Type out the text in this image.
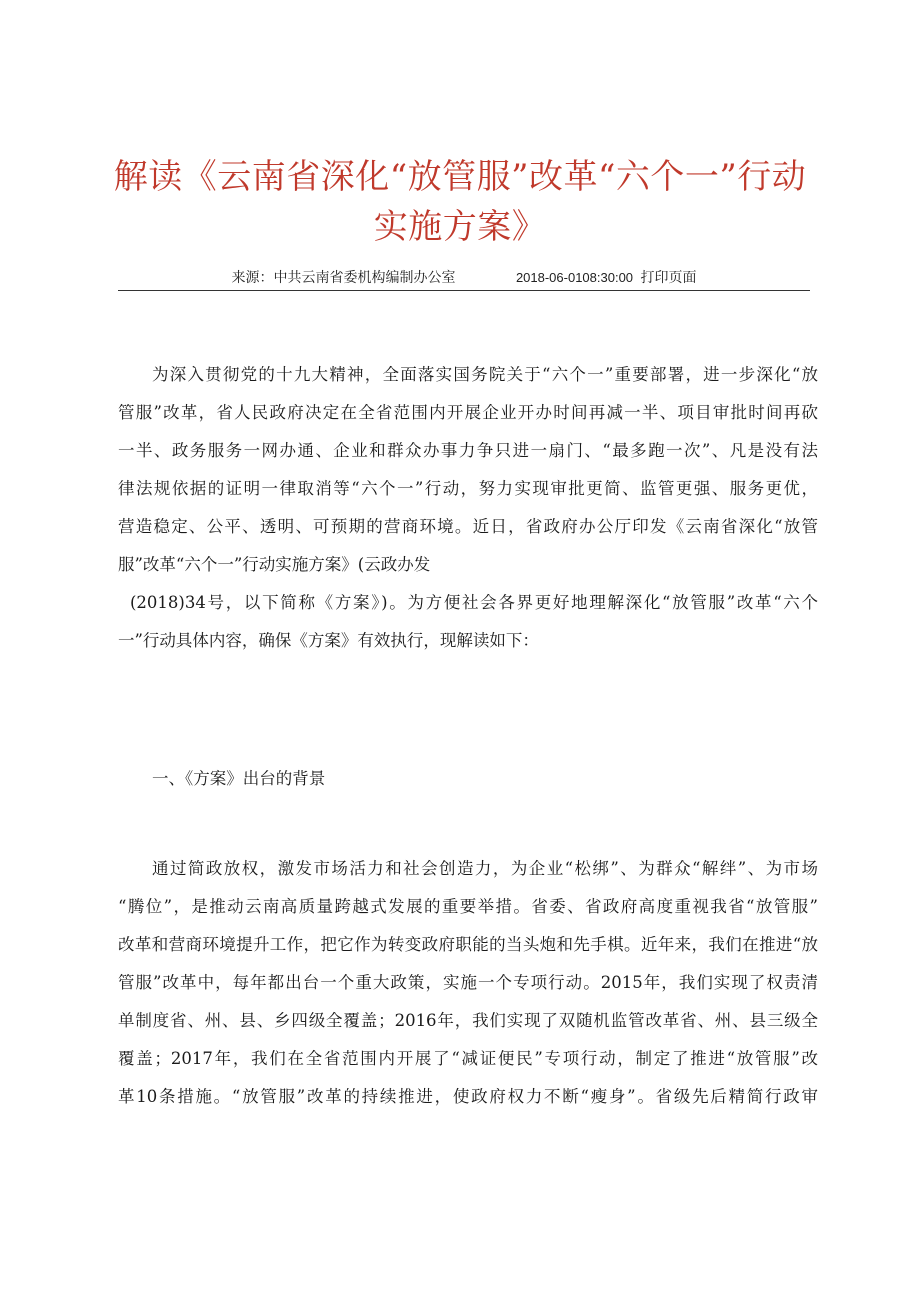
解读《云南省深化“放管服”改革“六个一”行动
实施方案》
来源：中共云南省委机构编制办公室	2018-06-0108:30:00 打印页面
为深入贯彻党的十九大精神，全面落实国务院关于“六个一”重要部署，进一步深化“放
管服”改革，省人民政府决定在全省范围内开展企业开办时间再减一半、项目审批时间再砍
一半、政务服务一网办通、企业和群众办事力争只进一扇门、“最多跑一次”、凡是没有法
律法规依据的证明一律取消等“六个一”行动，努力实现审批更简、监管更强、服务更优，
营造稳定、公平、透明、可预期的营商环境。近日，省政府办公厅印发《云南省深化“放管
服”改革“六个一”行动实施方案》(云政办发
(2018)34号，以下简称《方案》)。为方便社会各界更好地理解深化“放管服”改革“六个
一”行动具体内容，确保《方案》有效执行，现解读如下：
一、《方案》出台的背景
通过简政放权，激发市场活力和社会创造力，为企业“松绑”、为群众“解绊”、为市场
“腾位”，是推动云南高质量跨越式发展的重要举措。省委、省政府高度重视我省“放管服”
改革和营商环境提升工作，把它作为转变政府职能的当头炮和先手棋。近年来，我们在推进“放
管服”改革中，每年都出台一个重大政策，实施一个专项行动。2015年，我们实现了权责清
单制度省、州、县、乡四级全覆盖；2016年，我们实现了双随机监管改革省、州、县三级全
覆盖；2017年，我们在全省范围内开展了“减证便民”专项行动，制定了推进“放管服”改
革10条措施。“放管服”改革的持续推进，使政府权力不断“瘦身”。省级先后精简行政审
